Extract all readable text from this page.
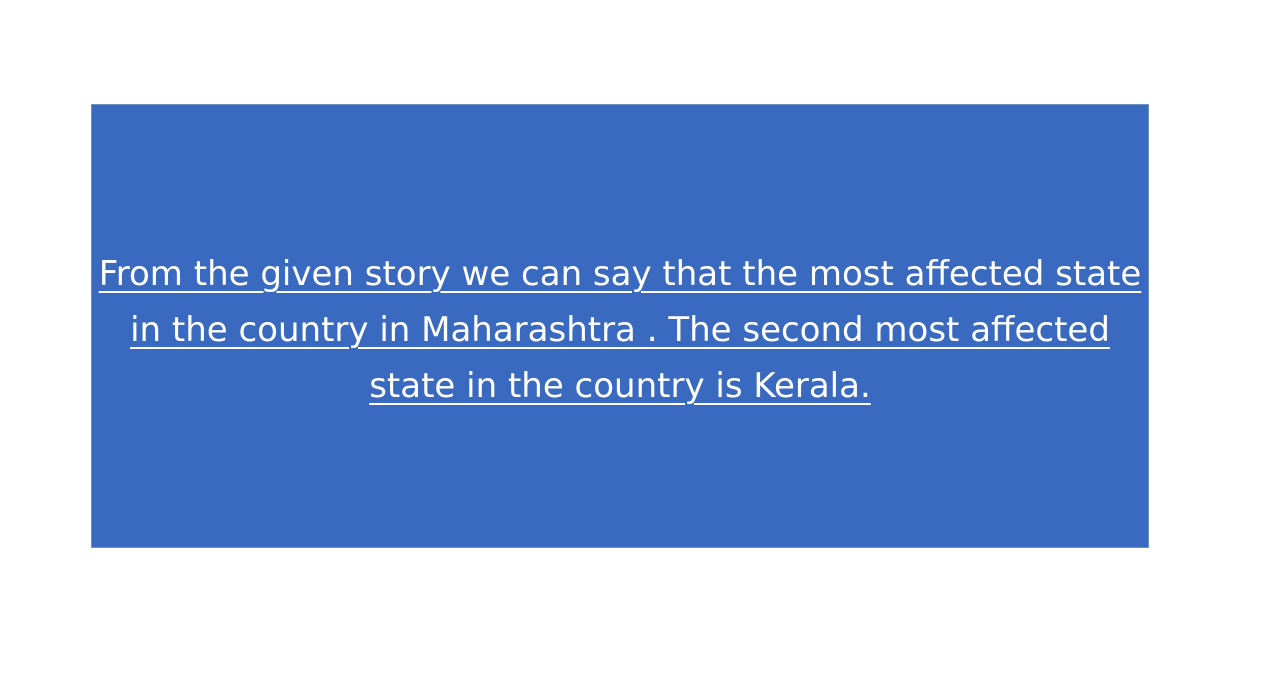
From the given story we can say that the most affected state in the country in Maharashtra . The second most affected state in the country is Kerala.
